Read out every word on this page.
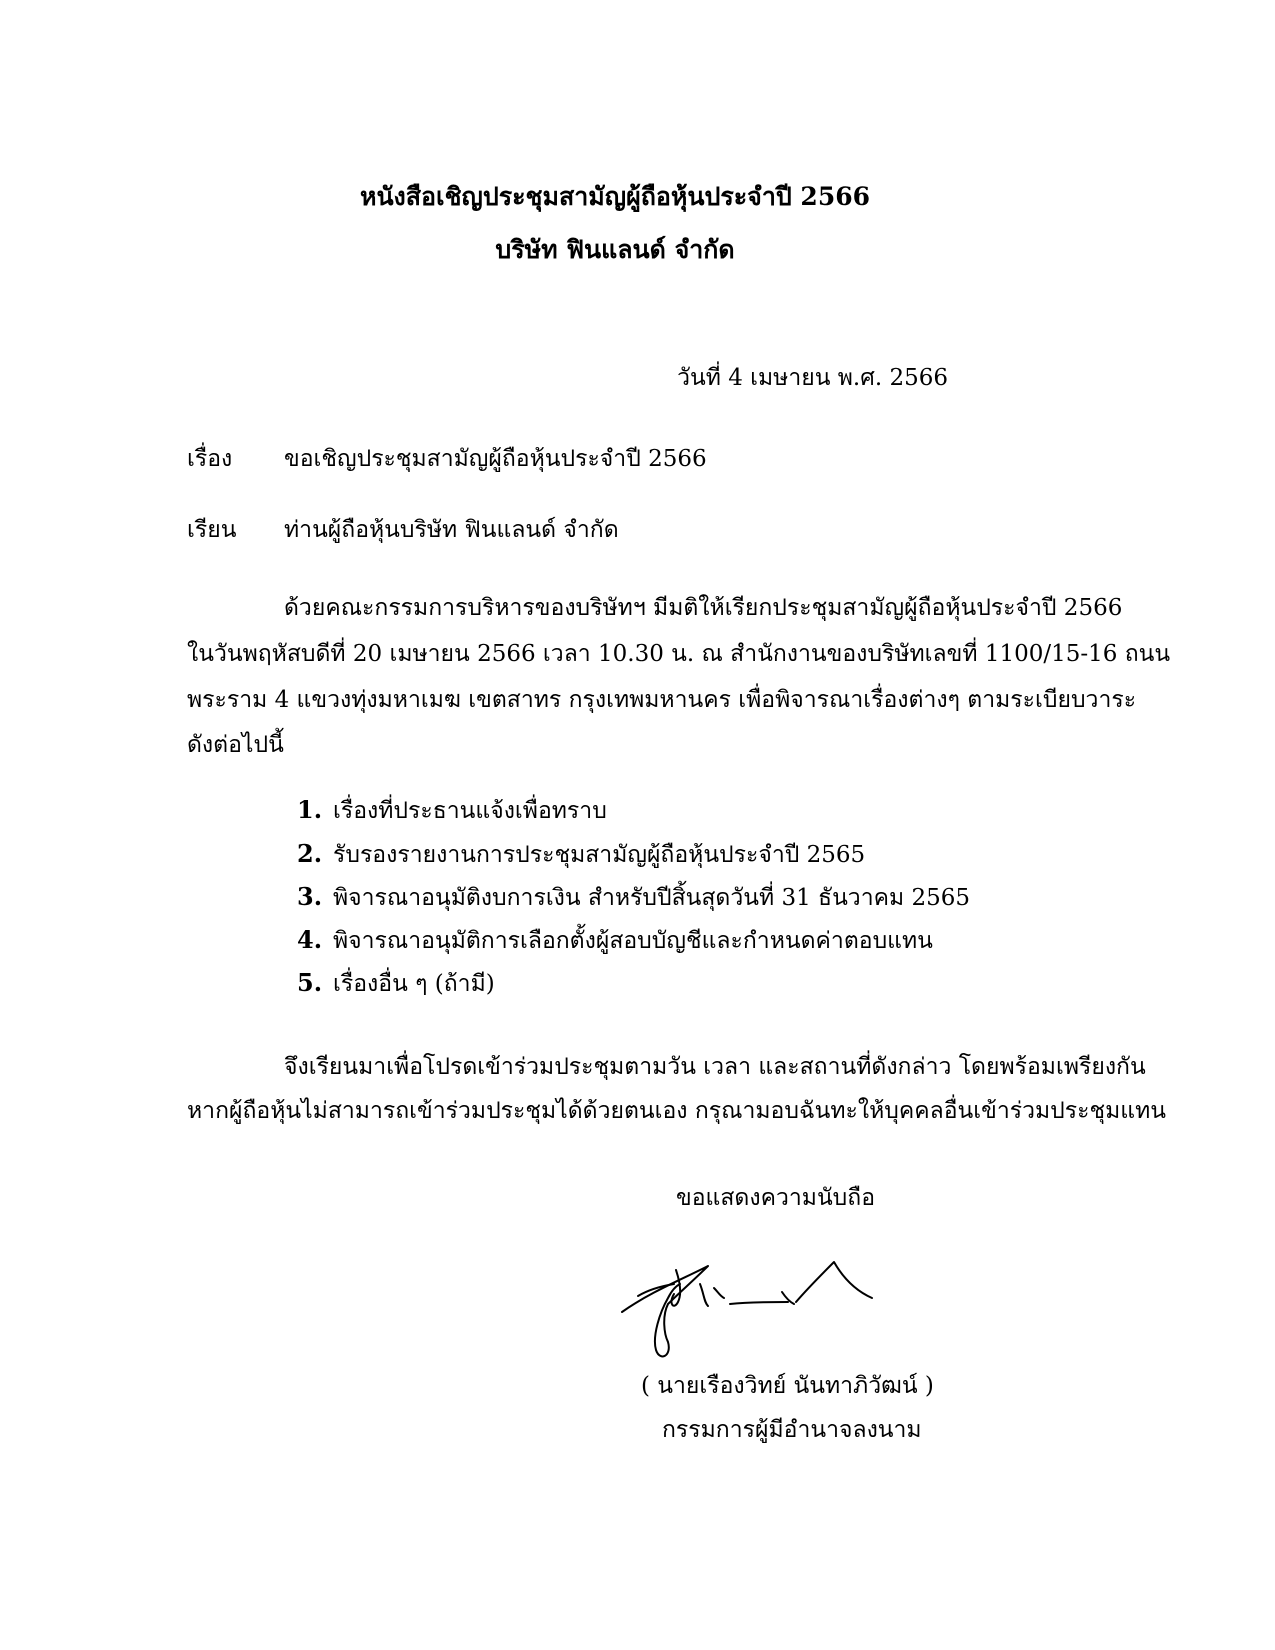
หนังสือเชิญประชุมสามัญผู้ถือหุ้นประจำปี 2566
บริษัท ฟินแลนด์ จำกัด
วันที่ 4 เมษายน พ.ศ. 2566
เรื่อง ขอเชิญประชุมสามัญผู้ถือหุ้นประจำปี 2566
เรียน ท่านผู้ถือหุ้นบริษัท ฟินแลนด์ จำกัด
ด้วยคณะกรรมการบริหารของบริษัทฯ มีมติให้เรียกประชุมสามัญผู้ถือหุ้นประจำปี 2566
ในวันพฤหัสบดีที่ 20 เมษายน 2566 เวลา 10.30 น. ณ สำนักงานของบริษัทเลขที่ 1100/15-16 ถนน
พระราม 4 แขวงทุ่งมหาเมฆ เขตสาทร กรุงเทพมหานคร เพื่อพิจารณาเรื่องต่างๆ ตามระเบียบวาระ
ดังต่อไปนี้
1. เรื่องที่ประธานแจ้งเพื่อทราบ
2. รับรองรายงานการประชุมสามัญผู้ถือหุ้นประจำปี 2565
3. พิจารณาอนุมัติงบการเงิน สำหรับปีสิ้นสุดวันที่ 31 ธันวาคม 2565
4. พิจารณาอนุมัติการเลือกตั้งผู้สอบบัญชีและกำหนดค่าตอบแทน
5. เรื่องอื่น ๆ (ถ้ามี)
จึงเรียนมาเพื่อโปรดเข้าร่วมประชุมตามวัน เวลา และสถานที่ดังกล่าว โดยพร้อมเพรียงกัน
หากผู้ถือหุ้นไม่สามารถเข้าร่วมประชุมได้ด้วยตนเอง กรุณามอบฉันทะให้บุคคลอื่นเข้าร่วมประชุมแทน
ขอแสดงความนับถือ
( นายเรืองวิทย์ นันทาภิวัฒน์ )
กรรมการผู้มีอำนาจลงนาม
